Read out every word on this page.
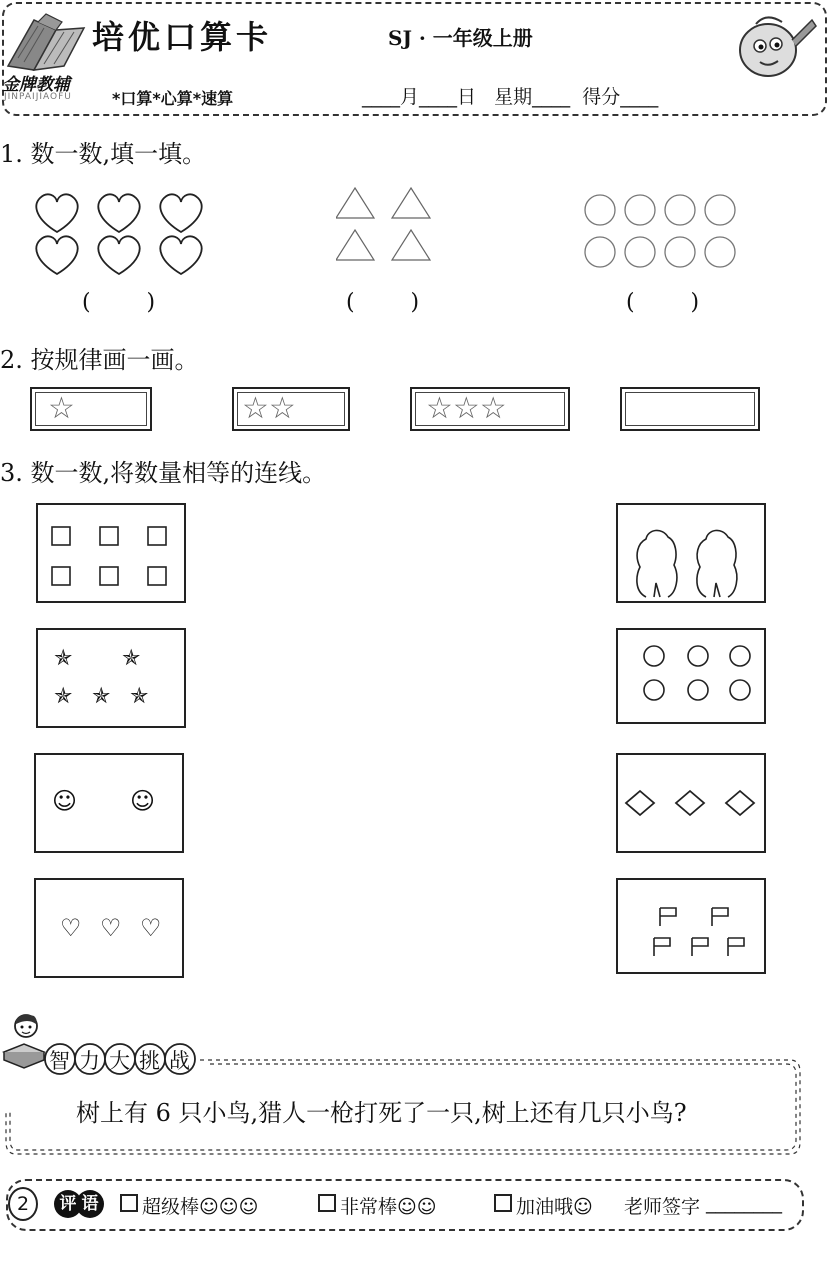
培优口算卡	SJ · 一年级上册
金牌教辅
JINPAIJIAOFU	*口算*心算*速算	____月____日   星期____  得分____
1. 数一数,填一填。
(        )	(        )	(        )
2. 按规律画一画。
☆	☆☆	☆☆☆
3. 数一数,将数量相等的连线。
✯ ✯
✯ ✯ ✯
☺ ☺
♡ ♡ ♡
智 力 大 挑 战
树上有 6 只小鸟,猎人一枪打死了一只,树上还有几只小鸟?
2	评 语 超级棒☺☺☺	非常棒☺☺	加油哦☺ 老师签字 ________
